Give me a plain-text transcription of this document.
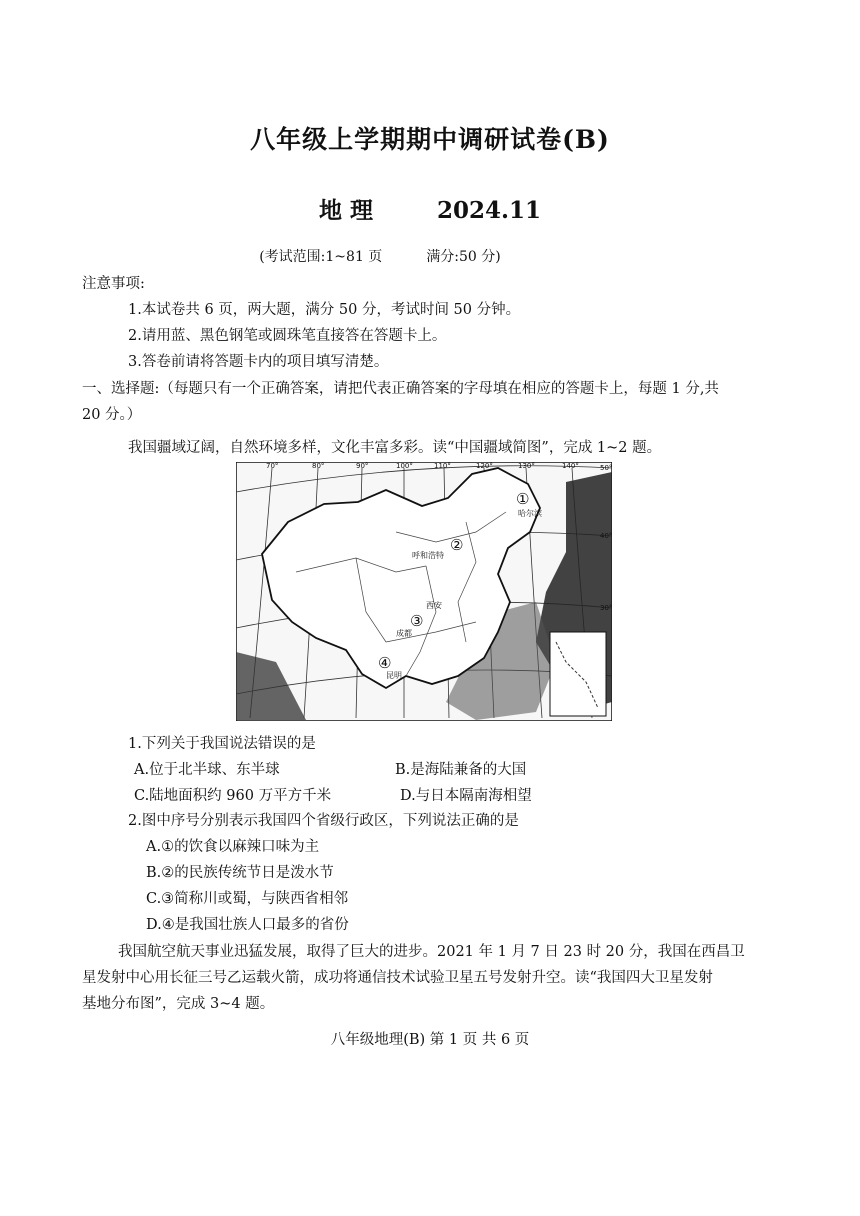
八年级上学期期中调研试卷(B)
地 理	2024.11
(考试范围:1~81 页	满分:50 分)
注意事项:
1.本试卷共 6 页，两大题，满分 50 分，考试时间 50 分钟。
2.请用蓝、黑色钢笔或圆珠笔直接答在答题卡上。
3.答卷前请将答题卡内的项目填写清楚。
一、选择题:（每题只有一个正确答案，请把代表正确答案的字母填在相应的答题卡上，每题 1 分,共
20 分。）
我国疆域辽阔，自然环境多样，文化丰富多彩。读“中国疆域简图”，完成 1~2 题。
70°	80°	90°	100°	110°	120°	130°	140°	50°
40°
30°
①
哈尔滨
②
呼和浩特
西安
③
成都
④
昆明
1.下列关于我国说法错误的是
A.位于北半球、东半球	B.是海陆兼备的大国
C.陆地面积约 960 万平方千米	D.与日本隔南海相望
2.图中序号分别表示我国四个省级行政区，下列说法正确的是
A.①的饮食以麻辣口味为主
B.②的民族传统节日是泼水节
C.③简称川或蜀，与陕西省相邻
D.④是我国壮族人口最多的省份
我国航空航天事业迅猛发展，取得了巨大的进步。2021 年 1 月 7 日 23 时 20 分，我国在西昌卫
星发射中心用长征三号乙运载火箭，成功将通信技术试验卫星五号发射升空。读“我国四大卫星发射
基地分布图”，完成 3~4 题。
八年级地理(B) 第 1 页 共 6 页
